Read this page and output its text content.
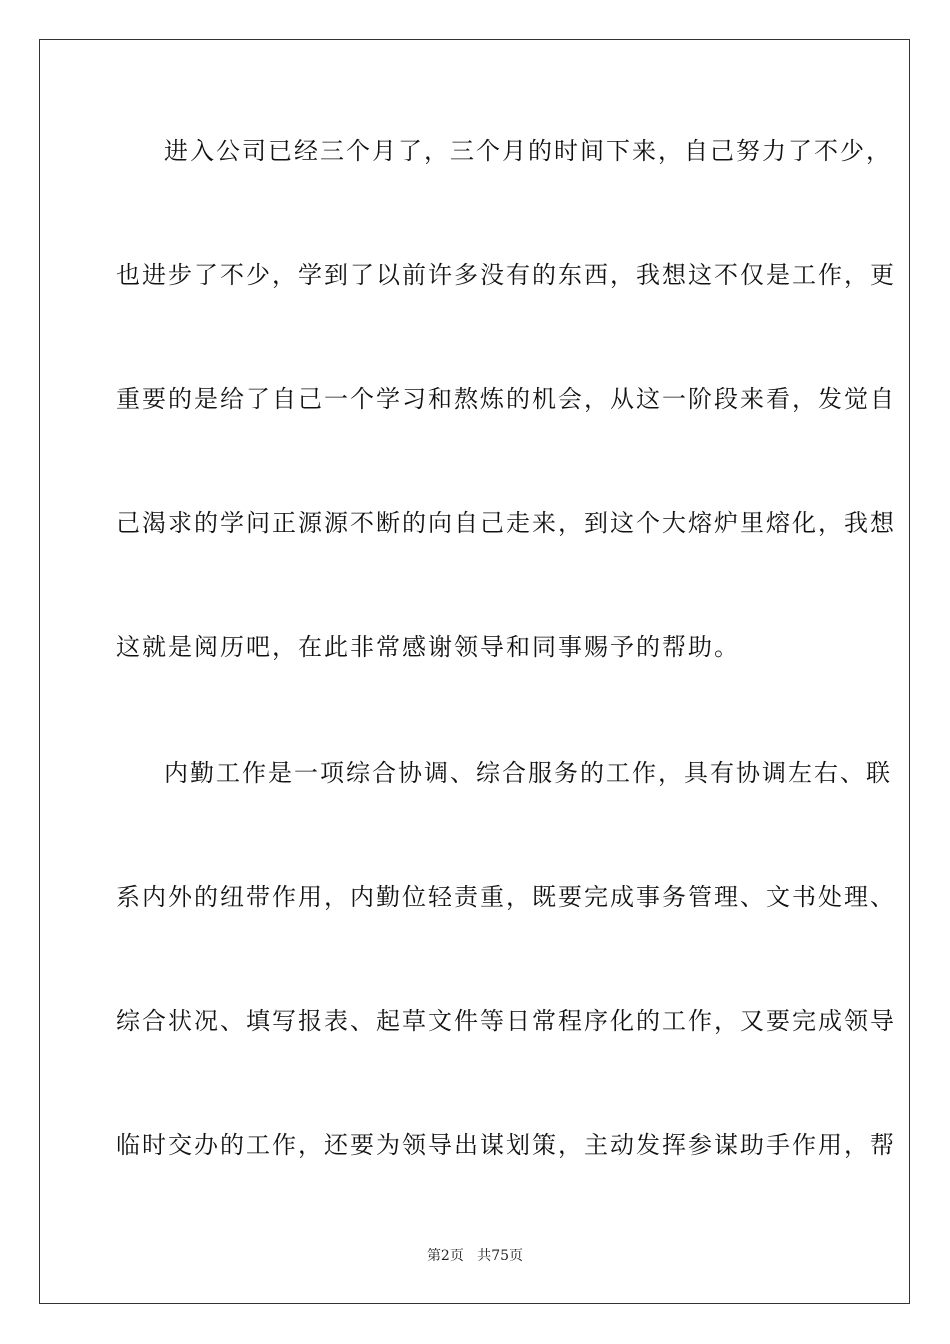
进入公司已经三个月了，三个月的时间下来，自己努力了不少，
也进步了不少，学到了以前许多没有的东西，我想这不仅是工作，更
重要的是给了自己一个学习和熬炼的机会，从这一阶段来看，发觉自
己渴求的学问正源源不断的向自己走来，到这个大熔炉里熔化，我想
这就是阅历吧，在此非常感谢领导和同事赐予的帮助。
内勤工作是一项综合协调、综合服务的工作，具有协调左右、联
系内外的纽带作用，内勤位轻责重，既要完成事务管理、文书处理、
综合状况、填写报表、起草文件等日常程序化的工作，又要完成领导
临时交办的工作，还要为领导出谋划策，主动发挥参谋助手作用，帮
第2页 共75页
